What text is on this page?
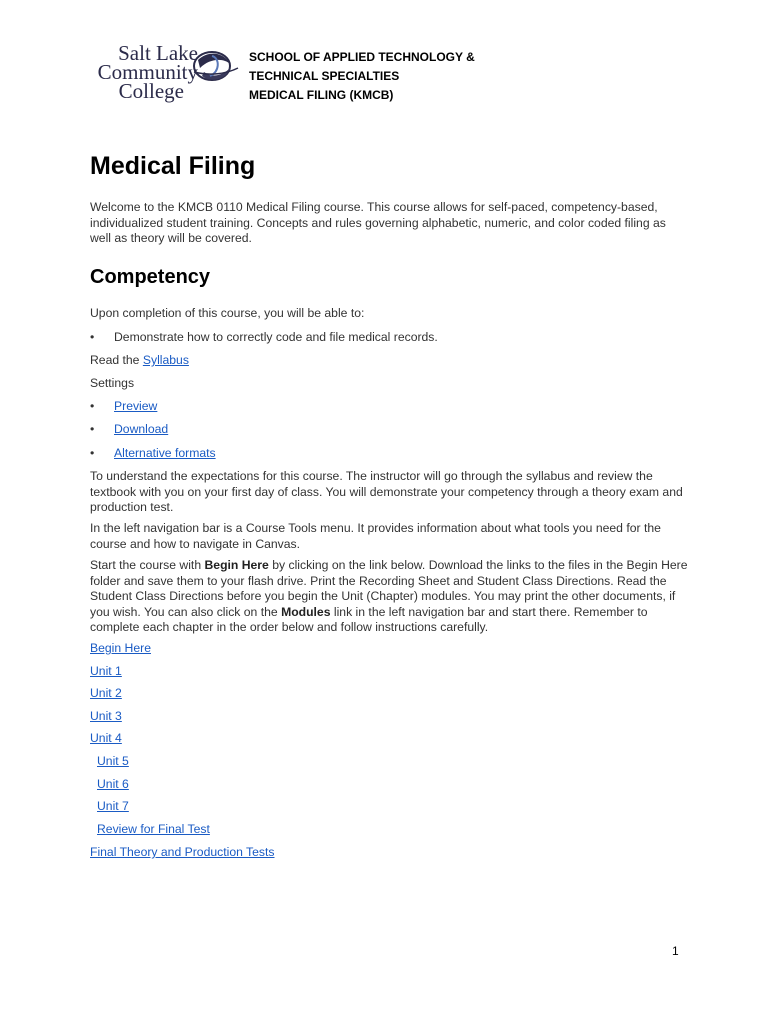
Salt Lake
Community
College
SCHOOL OF APPLIED TECHNOLOGY &
TECHNICAL SPECIALTIES
MEDICAL FILING (KMCB)
Medical Filing

Welcome to the KMCB 0110 Medical Filing course. This course allows for self-paced, competency-based, individualized student training. Concepts and rules governing alphabetic, numeric, and color coded filing as well as theory will be covered.

Competency

Upon completion of this course, you will be able to:

•	Demonstrate how to correctly code and file medical records.

Read the Syllabus

Settings

•	Preview
•	Download
•	Alternative formats

To understand the expectations for this course. The instructor will go through the syllabus and review the textbook with you on your first day of class. You will demonstrate your competency through a theory exam and production test.

In the left navigation bar is a Course Tools menu. It provides information about what tools you need for the course and how to navigate in Canvas.

Start the course with Begin Here by clicking on the link below. Download the links to the files in the Begin Here folder and save them to your flash drive. Print the Recording Sheet and Student Class Directions. Read the Student Class Directions before you begin the Unit (Chapter) modules. You may print the other documents, if you wish. You can also click on the Modules link in the left navigation bar and start there. Remember to complete each chapter in the order below and follow instructions carefully.

Begin Here
Unit 1
Unit 2
Unit 3
Unit 4
Unit 5
Unit 6
Unit 7
Review for Final Test
Final Theory and Production Tests
1
